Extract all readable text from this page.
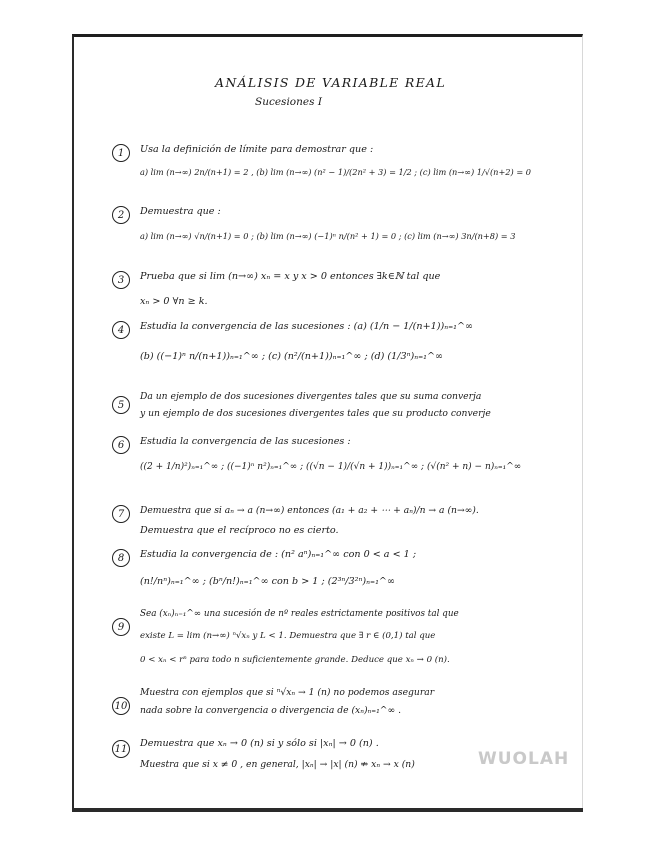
ANÁLISIS DE VARIABLE REAL
Sucesiones I
1	Usa la definición de límite para demostrar que :
a) lim (n→∞) 2n/(n+1) = 2 , (b) lim (n→∞) (n² − 1)/(2n² + 3) = 1/2 ; (c) lim (n→∞) 1/√(n+2) = 0
2	Demuestra que :
a) lim (n→∞) √n/(n+1) = 0 ; (b) lim (n→∞) (−1)ⁿ n/(n² + 1) = 0 ; (c) lim (n→∞) 3n/(n+8) = 3
3	Prueba que si lim (n→∞) xₙ = x y x > 0 entonces ∃k∈ℕ tal que
xₙ > 0 ∀n ≥ k.
4	Estudia la convergencia de las sucesiones : (a) (1/n − 1/(n+1))ₙ₌₁^∞
(b) ((−1)ⁿ n/(n+1))ₙ₌₁^∞ ; (c) (n²/(n+1))ₙ₌₁^∞ ; (d) (1/3ⁿ)ₙ₌₁^∞
5
Da un ejemplo de dos sucesiones divergentes tales que su suma converja
y un ejemplo de dos sucesiones divergentes tales que su producto converje
6	Estudia la convergencia de las sucesiones :
((2 + 1/n)²)ₙ₌₁^∞ ; ((−1)ⁿ n²)ₙ₌₁^∞ ; ((√n − 1)/(√n + 1))ₙ₌₁^∞ ; (√(n² + n) − n)ₙ₌₁^∞
7	Demuestra que si aₙ → a (n→∞) entonces (a₁ + a₂ + ⋯ + aₙ)/n → a (n→∞).
Demuestra que el recíproco no es cierto.
8	Estudia la convergencia de : (n² aⁿ)ₙ₌₁^∞ con 0 < a < 1 ;
(n!/nⁿ)ₙ₌₁^∞ ; (bⁿ/n!)ₙ₌₁^∞ con b > 1 ; (2³ⁿ/3²ⁿ)ₙ₌₁^∞
9
Sea (xₙ)ₙ₌₁^∞ una sucesión de nº reales estrictamente positivos tal que
existe L = lim (n→∞) ⁿ√xₙ y L < 1. Demuestra que ∃ r ∈ (0,1) tal que
0 < xₙ < rⁿ para todo n suficientemente grande. Deduce que xₙ → 0 (n).
10
Muestra con ejemplos que si ⁿ√xₙ → 1 (n) no podemos asegurar
nada sobre la convergencia o divergencia de (xₙ)ₙ₌₁^∞ .
11 Demuestra que xₙ → 0 (n) si y sólo si |xₙ| → 0 (n) .
Muestra que si x ≠ 0 , en general, |xₙ| → |x| (n) ⇏ xₙ → x (n)	WUOLAH
